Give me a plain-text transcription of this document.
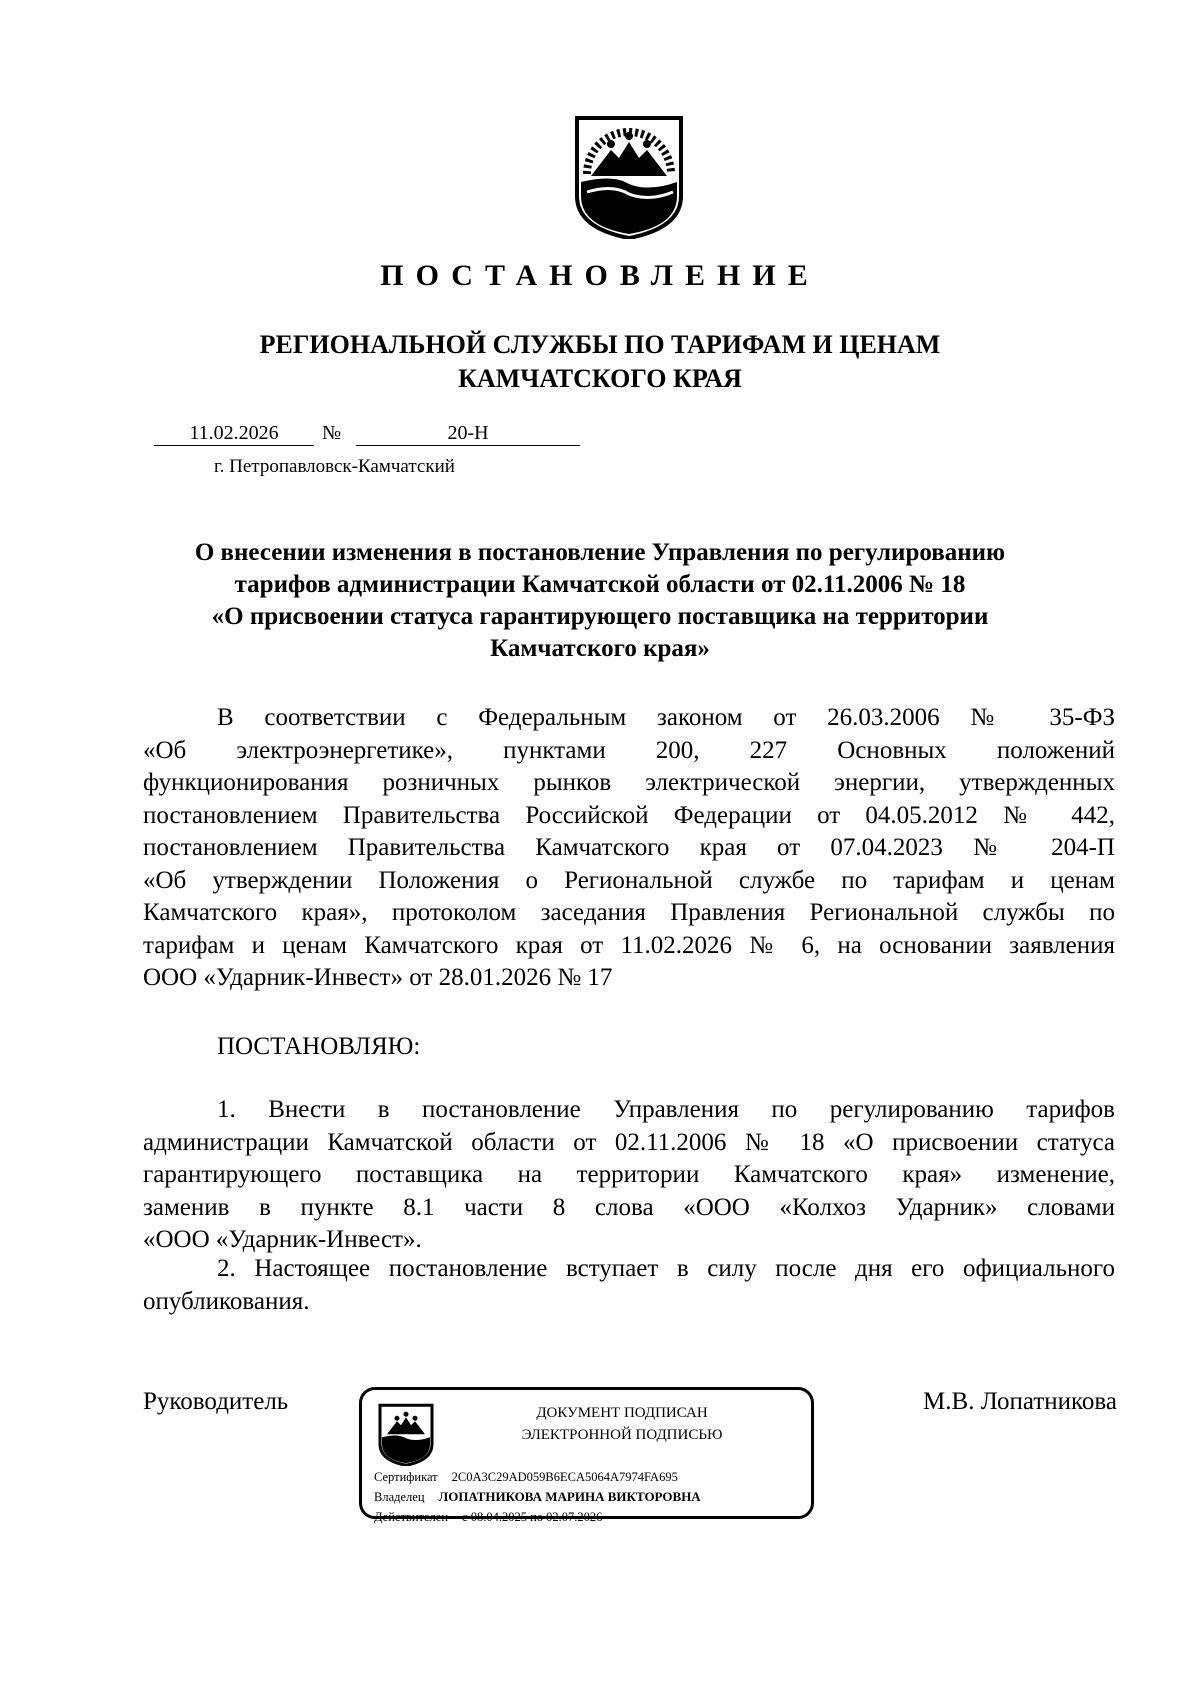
ПОСТАНОВЛЕНИЕ
РЕГИОНАЛЬНОЙ СЛУЖБЫ ПО ТАРИФАМ И ЦЕНАМ
КАМЧАТСКОГО КРАЯ
11.02.2026	№	20-Н
г. Петропавловск-Камчатский
О внесении изменения в постановление Управления по регулированию
тарифов администрации Камчатской области от 02.11.2006 № 18
«О присвоении статуса гарантирующего поставщика на территории
Камчатского края»
В соответствии с Федеральным законом от 26.03.2006 № 35-ФЗ
«Об электроэнергетике», пунктами 200, 227 Основных положений
функционирования розничных рынков электрической энергии, утвержденных
постановлением Правительства Российской Федерации от 04.05.2012 № 442,
постановлением Правительства Камчатского края от 07.04.2023 № 204-П
«Об утверждении Положения о Региональной службе по тарифам и ценам
Камчатского края», протоколом заседания Правления Региональной службы по
тарифам и ценам Камчатского края от 11.02.2026 № 6, на основании заявления
ООО «Ударник-Инвест» от 28.01.2026 № 17
ПОСТАНОВЛЯЮ:
1. Внести в постановление Управления по регулированию тарифов
администрации Камчатской области от 02.11.2006 № 18 «О присвоении статуса
гарантирующего поставщика на территории Камчатского края» изменение,
заменив в пункте 8.1 части 8 слова «ООО «Колхоз Ударник» словами
«ООО «Ударник-Инвест».
2. Настоящее постановление вступает в силу после дня его официального
опубликования.
Руководитель	М.В. Лопатникова
ДОКУМЕНТ ПОДПИСАН
ЭЛЕКТРОННОЙ ПОДПИСЬЮ
Сертификат 2C0A3C29AD059B6ECA5064A7974FA695
Владелец ЛОПАТНИКОВА МАРИНА ВИКТОРОВНА
Действителен с 08.04.2025 по 02.07.2026
